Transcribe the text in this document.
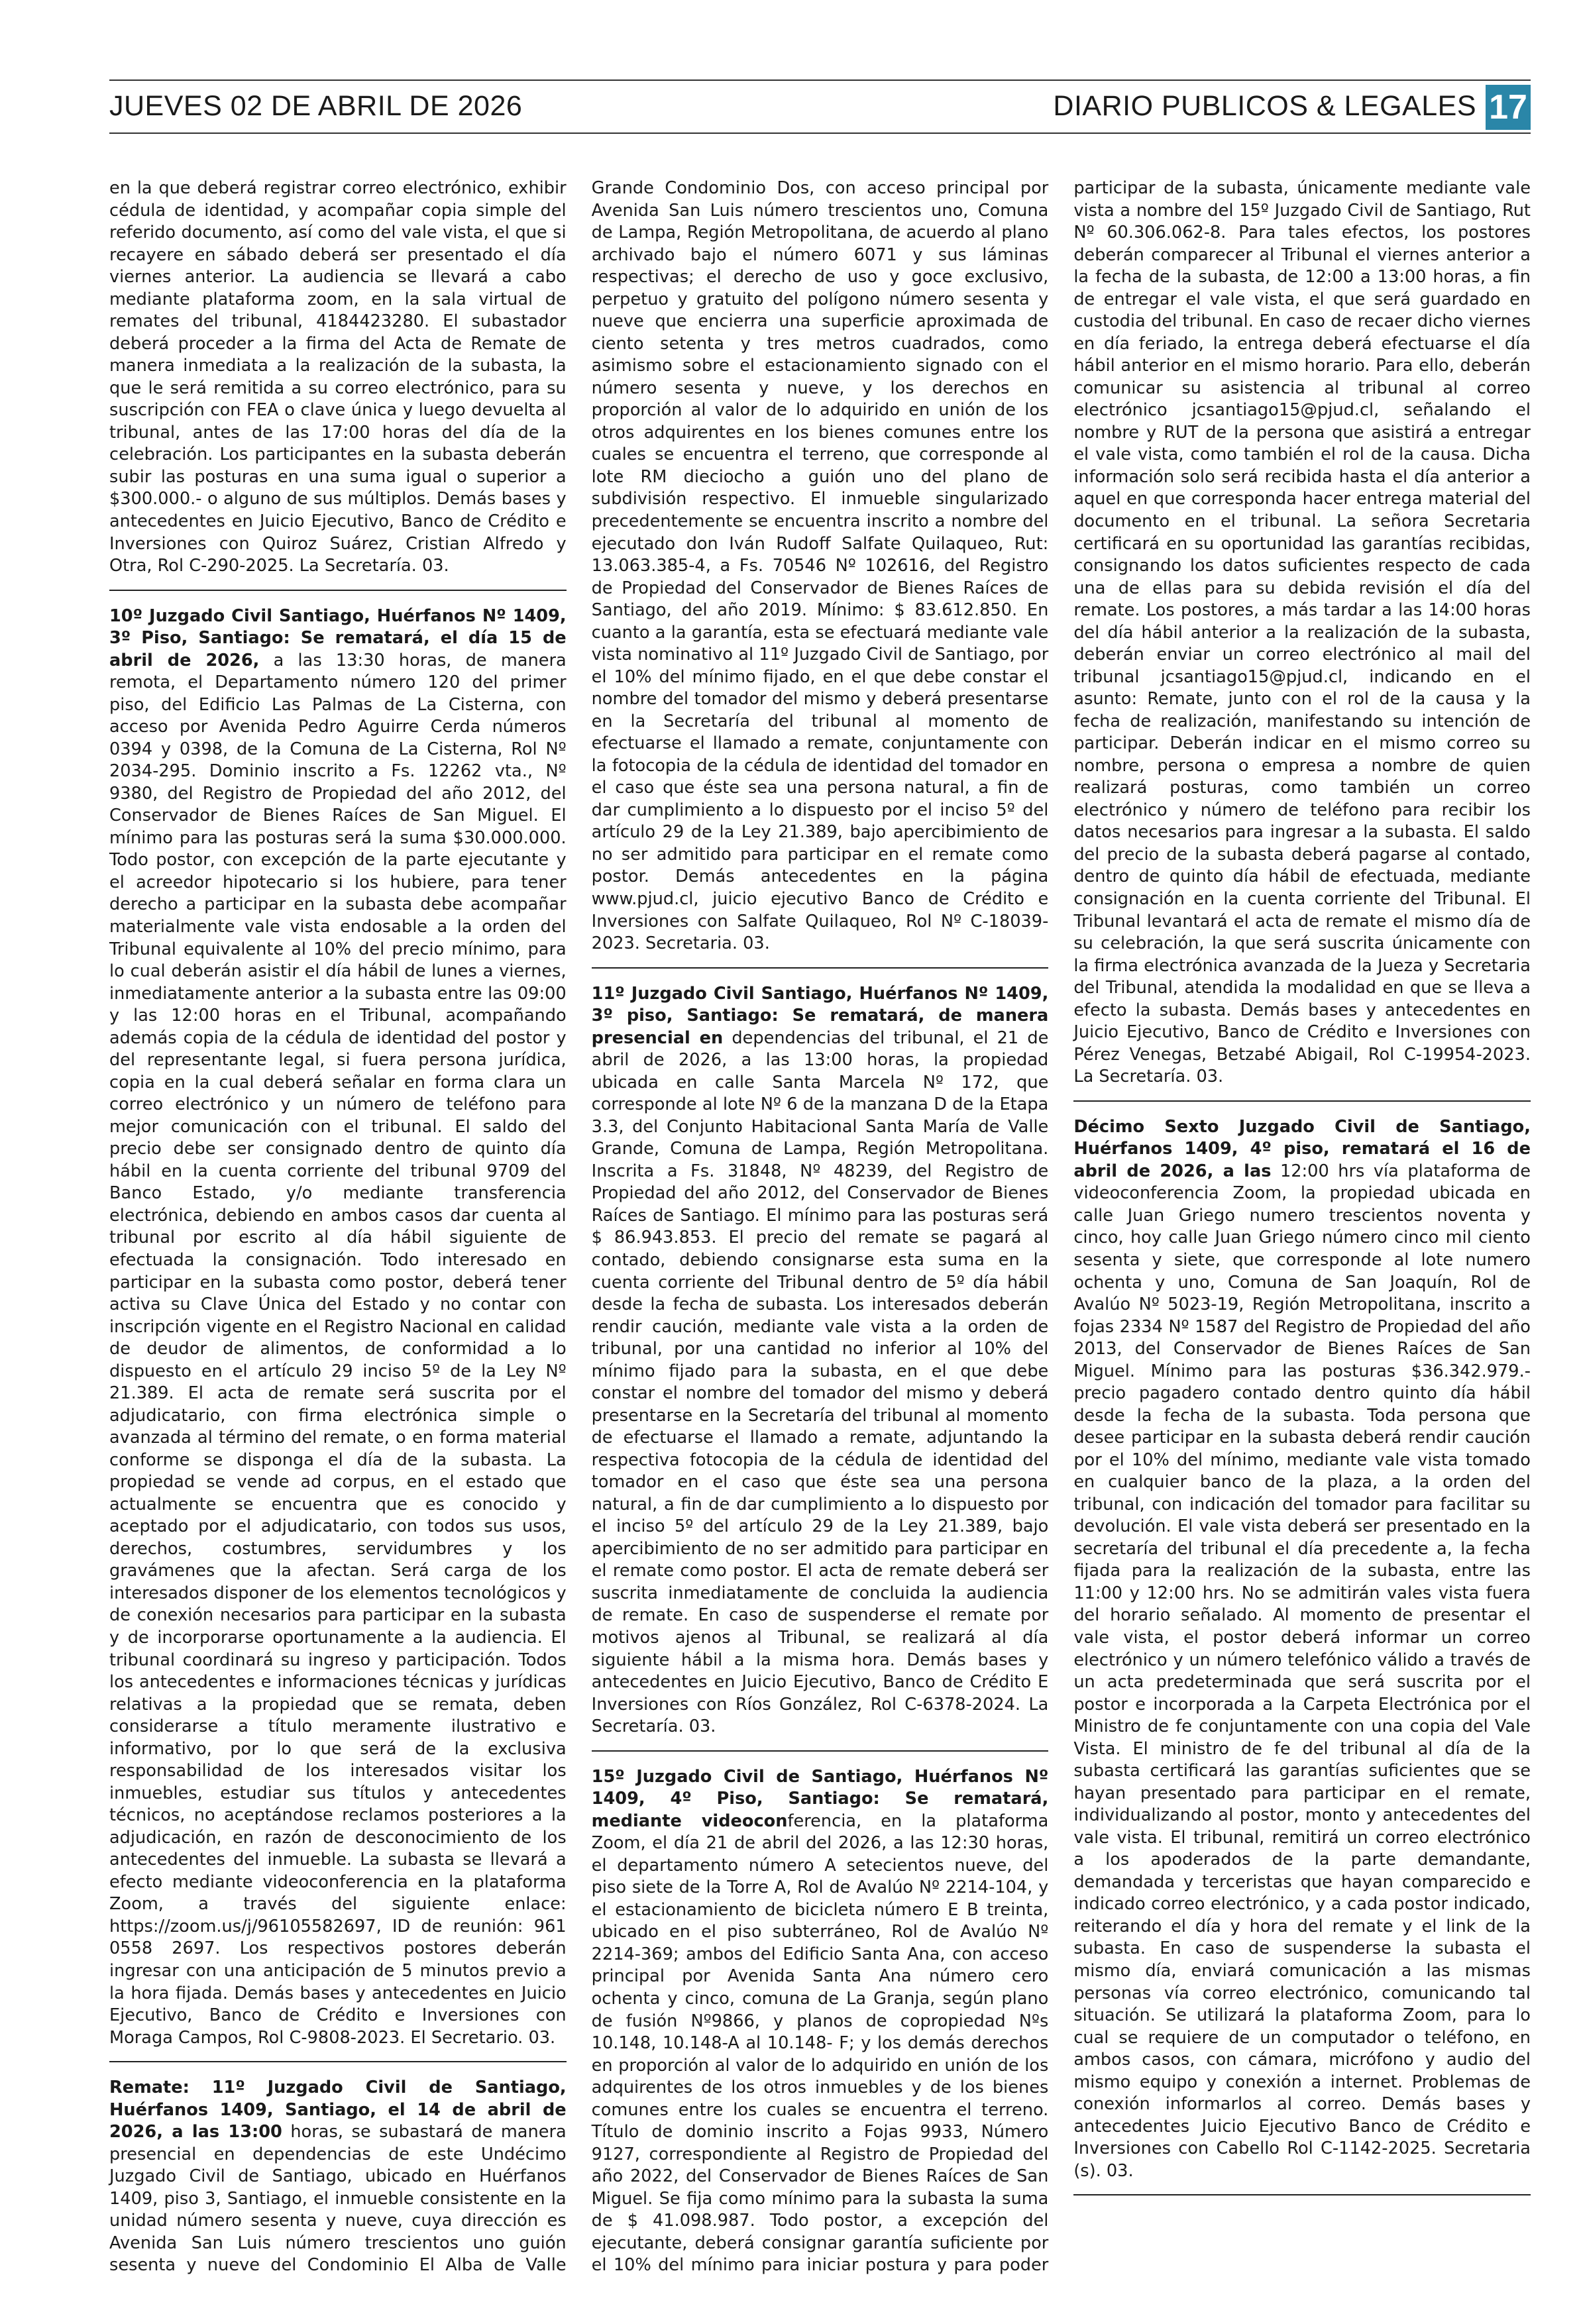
JUEVES 02 DE ABRIL DE 2026	DIARIO PUBLICOS & LEGALES 17

en la que deberá registrar correo electrónico, exhibir cédula de identidad, y acompañar copia simple del referido documento, así como del vale vista, el que si recayere en sábado deberá ser presentado el día viernes anterior. La audiencia se llevará a cabo mediante plataforma zoom, en la sala virtual de remates del tribunal, 4184423280. El subastador deberá proceder a la firma del Acta de Remate de manera inmediata a la realización de la subasta, la que le será remitida a su correo electrónico, para su suscripción con FEA o clave única y luego devuelta al tribunal, antes de las 17:00 horas del día de la celebración. Los participantes en la subasta deberán subir las posturas en una suma igual o superior a $300.000.- o alguno de sus múltiplos. Demás bases y antecedentes en Juicio Ejecutivo, Banco de Crédito e Inversiones con Quiroz Suárez, Cristian Alfredo y Otra, Rol C-290-2025. La Secretaría. 03.

10º Juzgado Civil Santiago, Huérfanos Nº 1409, 3º Piso, Santiago: Se rematará, el día 15 de abril de 2026, a las 13:30 horas, de manera remota, el Departamento número 120 del primer piso, del Edificio Las Palmas de La Cisterna, con acceso por Avenida Pedro Aguirre Cerda números 0394 y 0398, de la Comuna de La Cisterna, Rol Nº 2034-295. Dominio inscrito a Fs. 12262 vta., Nº 9380, del Registro de Propiedad del año 2012, del Conservador de Bienes Raíces de San Miguel. El mínimo para las posturas será la suma $30.000.000. Todo postor, con excepción de la parte ejecutante y el acreedor hipotecario si los hubiere, para tener derecho a participar en la subasta debe acompañar materialmente vale vista endosable a la orden del Tribunal equivalente al 10% del precio mínimo, para lo cual deberán asistir el día hábil de lunes a viernes, inmediatamente anterior a la subasta entre las 09:00 y las 12:00 horas en el Tribunal, acompañando además copia de la cédula de identidad del postor y del representante legal, si fuera persona jurídica, copia en la cual deberá señalar en forma clara un correo electrónico y un número de teléfono para mejor comunicación con el tribunal. El saldo del precio debe ser consignado dentro de quinto día hábil en la cuenta corriente del tribunal 9709 del Banco Estado, y/o mediante transferencia electrónica, debiendo en ambos casos dar cuenta al tribunal por escrito al día hábil siguiente de efectuada la consignación. Todo interesado en participar en la subasta como postor, deberá tener activa su Clave Única del Estado y no contar con inscripción vigente en el Registro Nacional en calidad de deudor de alimentos, de conformidad a lo dispuesto en el artículo 29 inciso 5º de la Ley Nº 21.389. El acta de remate será suscrita por el adjudicatario, con firma electrónica simple o avanzada al término del remate, o en forma material conforme se disponga el día de la subasta. La propiedad se vende ad corpus, en el estado que actualmente se encuentra que es conocido y aceptado por el adjudicatario, con todos sus usos, derechos, costumbres, servidumbres y los gravámenes que la afectan. Será carga de los interesados disponer de los elementos tecnológicos y de conexión necesarios para participar en la subasta y de incorporarse oportunamente a la audiencia. El tribunal coordinará su ingreso y participación. Todos los antecedentes e informaciones técnicas y jurídicas relativas a la propiedad que se remata, deben considerarse a título meramente ilustrativo e informativo, por lo que será de la exclusiva responsabilidad de los interesados visitar los inmuebles, estudiar sus títulos y antecedentes técnicos, no aceptándose reclamos posteriores a la adjudicación, en razón de desconocimiento de los antecedentes del inmueble. La subasta se llevará a efecto mediante videoconferencia en la plataforma Zoom, a través del siguiente enlace: https://zoom.us/j/96105582697, ID de reunión: 961 0558 2697. Los respectivos postores deberán ingresar con una anticipación de 5 minutos previo a la hora fijada. Demás bases y antecedentes en Juicio Ejecutivo, Banco de Crédito e Inversiones con Moraga Campos, Rol C-9808-2023. El Secretario. 03.

Remate: 11º Juzgado Civil de Santiago, Huérfanos 1409, Santiago, el 14 de abril de 2026, a las 13:00 horas, se subastará de manera presencial en dependencias de este Undécimo Juzgado Civil de Santiago, ubicado en Huérfanos 1409, piso 3, Santiago, el inmueble consistente en la unidad número sesenta y nueve, cuya dirección es Avenida San Luis número trescientos uno guión sesenta y nueve del Condominio El Alba de Valle Grande Condominio Dos, con acceso principal por Avenida San Luis número trescientos uno, Comuna de Lampa, Región Metropolitana, de acuerdo al plano archivado bajo el número 6071 y sus láminas respectivas; el derecho de uso y goce exclusivo, perpetuo y gratuito del polígono número sesenta y nueve que encierra una superficie aproximada de ciento setenta y tres metros cuadrados, como asimismo sobre el estacionamiento signado con el número sesenta y nueve, y los derechos en proporción al valor de lo adquirido en unión de los otros adquirentes en los bienes comunes entre los cuales se encuentra el terreno, que corresponde al lote RM dieciocho a guión uno del plano de subdivisión respectivo. El inmueble singularizado precedentemente se encuentra inscrito a nombre del ejecutado don Iván Rudoff Salfate Quilaqueo, Rut: 13.063.385-4, a Fs. 70546 Nº 102616, del Registro de Propiedad del Conservador de Bienes Raíces de Santiago, del año 2019. Mínimo: $ 83.612.850. En cuanto a la garantía, esta se efectuará mediante vale vista nominativo al 11º Juzgado Civil de Santiago, por el 10% del mínimo fijado, en el que debe constar el nombre del tomador del mismo y deberá presentarse en la Secretaría del tribunal al momento de efectuarse el llamado a remate, conjuntamente con la fotocopia de la cédula de identidad del tomador en el caso que éste sea una persona natural, a fin de dar cumplimiento a lo dispuesto por el inciso 5º del artículo 29 de la Ley 21.389, bajo apercibimiento de no ser admitido para participar en el remate como postor. Demás antecedentes en la página www.pjud.cl, juicio ejecutivo Banco de Crédito e Inversiones con Salfate Quilaqueo, Rol Nº C-18039-2023. Secretaria. 03.

11º Juzgado Civil Santiago, Huérfanos Nº 1409, 3º piso, Santiago: Se rematará, de manera presencial en dependencias del tribunal, el 21 de abril de 2026, a las 13:00 horas, la propiedad ubicada en calle Santa Marcela Nº 172, que corresponde al lote Nº 6 de la manzana D de la Etapa 3.3, del Conjunto Habitacional Santa María de Valle Grande, Comuna de Lampa, Región Metropolitana. Inscrita a Fs. 31848, Nº 48239, del Registro de Propiedad del año 2012, del Conservador de Bienes Raíces de Santiago. El mínimo para las posturas será $ 86.943.853. El precio del remate se pagará al contado, debiendo consignarse esta suma en la cuenta corriente del Tribunal dentro de 5º día hábil desde la fecha de subasta. Los interesados deberán rendir caución, mediante vale vista a la orden de tribunal, por una cantidad no inferior al 10% del mínimo fijado para la subasta, en el que debe constar el nombre del tomador del mismo y deberá presentarse en la Secretaría del tribunal al momento de efectuarse el llamado a remate, adjuntando la respectiva fotocopia de la cédula de identidad del tomador en el caso que éste sea una persona natural, a fin de dar cumplimiento a lo dispuesto por el inciso 5º del artículo 29 de la Ley 21.389, bajo apercibimiento de no ser admitido para participar en el remate como postor. El acta de remate deberá ser suscrita inmediatamente de concluida la audiencia de remate. En caso de suspenderse el remate por motivos ajenos al Tribunal, se realizará al día siguiente hábil a la misma hora. Demás bases y antecedentes en Juicio Ejecutivo, Banco de Crédito E Inversiones con Ríos González, Rol C-6378-2024. La Secretaría. 03.

15º Juzgado Civil de Santiago, Huérfanos Nº 1409, 4º Piso, Santiago: Se rematará, mediante videoconferencia, en la plataforma Zoom, el día 21 de abril del 2026, a las 12:30 horas, el departamento número A setecientos nueve, del piso siete de la Torre A, Rol de Avalúo Nº 2214-104, y el estacionamiento de bicicleta número E B treinta, ubicado en el piso subterráneo, Rol de Avalúo Nº 2214-369; ambos del Edificio Santa Ana, con acceso principal por Avenida Santa Ana número cero ochenta y cinco, comuna de La Granja, según plano de fusión Nº9866, y planos de copropiedad Nºs 10.148, 10.148-A al 10.148- F; y los demás derechos en proporción al valor de lo adquirido en unión de los adquirentes de los otros inmuebles y de los bienes comunes entre los cuales se encuentra el terreno. Título de dominio inscrito a Fojas 9933, Número 9127, correspondiente al Registro de Propiedad del año 2022, del Conservador de Bienes Raíces de San Miguel. Se fija como mínimo para la subasta la suma de $ 41.098.987. Todo postor, a excepción del ejecutante, deberá consignar garantía suficiente por el 10% del mínimo para iniciar postura y para poder participar de la subasta, únicamente mediante vale vista a nombre del 15º Juzgado Civil de Santiago, Rut Nº 60.306.062-8. Para tales efectos, los postores deberán comparecer al Tribunal el viernes anterior a la fecha de la subasta, de 12:00 a 13:00 horas, a fin de entregar el vale vista, el que será guardado en custodia del tribunal. En caso de recaer dicho viernes en día feriado, la entrega deberá efectuarse el día hábil anterior en el mismo horario. Para ello, deberán comunicar su asistencia al tribunal al correo electrónico jcsantiago15@pjud.cl, señalando el nombre y RUT de la persona que asistirá a entregar el vale vista, como también el rol de la causa. Dicha información solo será recibida hasta el día anterior a aquel en que corresponda hacer entrega material del documento en el tribunal. La señora Secretaria certificará en su oportunidad las garantías recibidas, consignando los datos suficientes respecto de cada una de ellas para su debida revisión el día del remate. Los postores, a más tardar a las 14:00 horas del día hábil anterior a la realización de la subasta, deberán enviar un correo electrónico al mail del tribunal jcsantiago15@pjud.cl, indicando en el asunto: Remate, junto con el rol de la causa y la fecha de realización, manifestando su intención de participar. Deberán indicar en el mismo correo su nombre, persona o empresa a nombre de quien realizará posturas, como también un correo electrónico y número de teléfono para recibir los datos necesarios para ingresar a la subasta. El saldo del precio de la subasta deberá pagarse al contado, dentro de quinto día hábil de efectuada, mediante consignación en la cuenta corriente del Tribunal. El Tribunal levantará el acta de remate el mismo día de su celebración, la que será suscrita únicamente con la firma electrónica avanzada de la Jueza y Secretaria del Tribunal, atendida la modalidad en que se lleva a efecto la subasta. Demás bases y antecedentes en Juicio Ejecutivo, Banco de Crédito e Inversiones con Pérez Venegas, Betzabé Abigail, Rol C-19954-2023. La Secretaría. 03.

Décimo Sexto Juzgado Civil de Santiago, Huérfanos 1409, 4º piso, rematará el 16 de abril de 2026, a las 12:00 hrs vía plataforma de videoconferencia Zoom, la propiedad ubicada en calle Juan Griego numero trescientos noventa y cinco, hoy calle Juan Griego número cinco mil ciento sesenta y siete, que corresponde al lote numero ochenta y uno, Comuna de San Joaquín, Rol de Avalúo Nº 5023-19, Región Metropolitana, inscrito a fojas 2334 Nº 1587 del Registro de Propiedad del año 2013, del Conservador de Bienes Raíces de San Miguel. Mínimo para las posturas $36.342.979.- precio pagadero contado dentro quinto día hábil desde la fecha de la subasta. Toda persona que desee participar en la subasta deberá rendir caución por el 10% del mínimo, mediante vale vista tomado en cualquier banco de la plaza, a la orden del tribunal, con indicación del tomador para facilitar su devolución. El vale vista deberá ser presentado en la secretaría del tribunal el día precedente a, la fecha fijada para la realización de la subasta, entre las 11:00 y 12:00 hrs. No se admitirán vales vista fuera del horario señalado. Al momento de presentar el vale vista, el postor deberá informar un correo electrónico y un número telefónico válido a través de un acta predeterminada que será suscrita por el postor e incorporada a la Carpeta Electrónica por el Ministro de fe conjuntamente con una copia del Vale Vista. El ministro de fe del tribunal al día de la subasta certificará las garantías suficientes que se hayan presentado para participar en el remate, individualizando al postor, monto y antecedentes del vale vista. El tribunal, remitirá un correo electrónico a los apoderados de la parte demandante, demandada y terceristas que hayan comparecido e indicado correo electrónico, y a cada postor indicado, reiterando el día y hora del remate y el link de la subasta. En caso de suspenderse la subasta el mismo día, enviará comunicación a las mismas personas vía correo electrónico, comunicando tal situación. Se utilizará la plataforma Zoom, para lo cual se requiere de un computador o teléfono, en ambos casos, con cámara, micrófono y audio del mismo equipo y conexión a internet. Problemas de conexión informarlos al correo. Demás bases y antecedentes Juicio Ejecutivo Banco de Crédito e Inversiones con Cabello Rol C-1142-2025. Secretaria (s). 03.
